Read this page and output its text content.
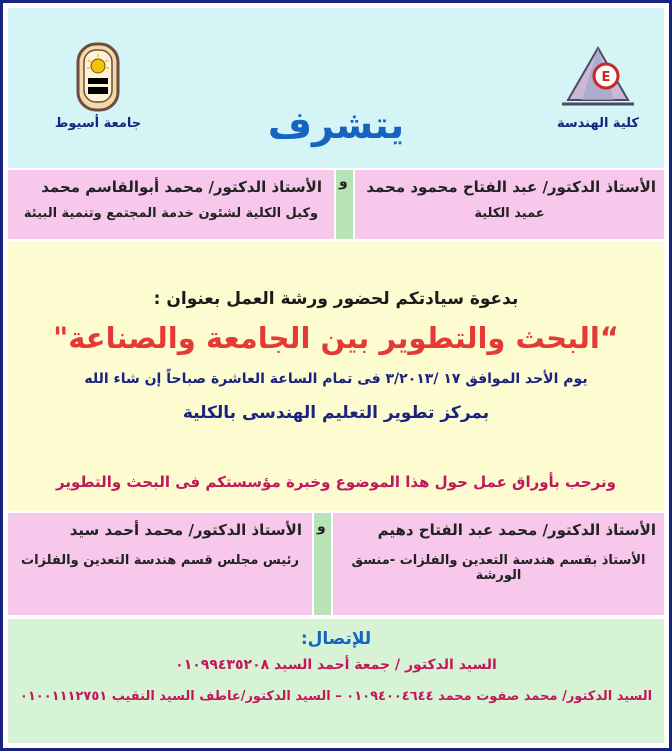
جامعة أسيوط
E
كلية الهندسة
يتشرف
الأستاذ الدكتور/ عبد الفتاح محمود محمد
عميد الكلية
و
الأستاذ الدكتور/ محمد أبوالقاسم محمد
وكيل الكلية لشئون خدمة المجتمع وتنمية البيئة
بدعوة سيادتكم لحضور ورشة العمل بعنوان :
“البحث والتطوير بين الجامعة والصناعة"
يوم الأحد الموافق ١٧ /٣/٢٠١٣ فى تمام الساعة العاشرة صباحاً إن شاء الله
بمركز تطوير التعليم الهندسى بالكلية
ونرحب بأوراق عمل حول هذا الموضوع وخبرة مؤسستكم فى البحث والتطوير
الأستاذ الدكتور/ محمد عبد الفتاح دهيم
الأستاذ بقسم هندسة التعدين والفلزات -منسق الورشة
و
الأستاذ الدكتور/ محمد أحمد سيد
رئيس مجلس قسم هندسة التعدين والفلزات
للإتصال:
السيد الدكتور / جمعة أحمد السيد ٠١٠٩٩٤٣٥٢٠٨
السيد الدكتور/ محمد صفوت محمد ٠١٠٩٤٠٠٤٦٤٤ – السيد الدكتور/عاطف السيد النقيب ٠١٠٠١١١٢٧٥١
